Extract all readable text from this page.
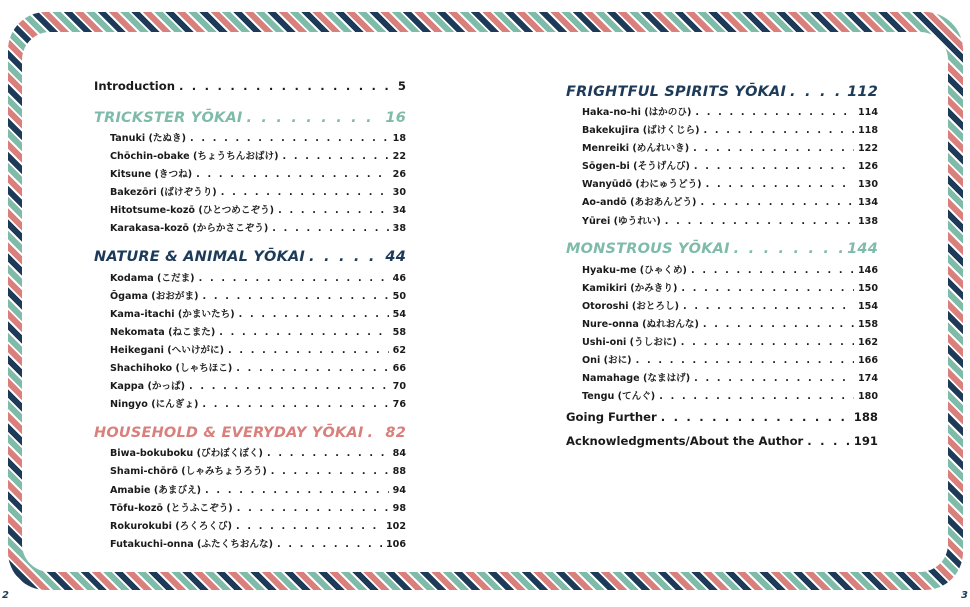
Introduction . . .	5
TRICKSTER YŌKAI . . .	16
Tanuki (たぬき) . . .	18
Chōchin-obake (ちょうちんおばけ) . . .	22
Kitsune (きつね) . . .	26
Bakezōri (ばけぞうり) . . .	30
Hitotsume-kozō (ひとつめこぞう) . . .	34
Karakasa-kozō (からかさこぞう) . . .	38
NATURE & ANIMAL YŌKAI . . .	44
Kodama (こだま) . . .	46
Ōgama (おおがま) . . .	50
Kama-itachi (かまいたち) . . .	54
Nekomata (ねこまた) . . .	58
Heikegani (へいけがに) . . .	62
Shachihoko (しゃちほこ) . . .	66
Kappa (かっぱ) . . .	70
Ningyo (にんぎょ) . . .	76
HOUSEHOLD & EVERYDAY YŌKAI . . . 82
Biwa-bokuboku (びわぼくぼく) . . .	84
Shami-chōrō (しゃみちょうろう) . . .	88
Amabie (あまびえ) . . .	94
Tōfu-kozō (とうふこぞう) . . .	98
Rokurokubi (ろくろくび) . . .	102
Futakuchi-onna (ふたくちおんな) . . .	106
FRIGHTFUL SPIRITS YŌKAI . . .	112
Haka-no-hi (はかのひ) . . .	114
Bakekujira (ばけくじら) . . .	118
Menreiki (めんれいき) . . .	122
Sōgen-bi (そうげんび) . . .	126
Wanyūdō (わにゅうどう) . . .	130
Ao-andō (あおあんどう) . . .	134
Yūrei (ゆうれい) . . .	138
MONSTROUS YŌKAI . . .	144
Hyaku-me (ひゃくめ) . . .	146
Kamikiri (かみきり) . . .	150
Otoroshi (おとろし) . . .	154
Nure-onna (ぬれおんな) . . .	158
Ushi-oni (うしおに) . . .	162
Oni (おに) . . .	166
Namahage (なまはげ) . . .	174
Tengu (てんぐ) . . .	180
Going Further . . .	188
Acknowledgments/About the Author . . .	191
2	3
